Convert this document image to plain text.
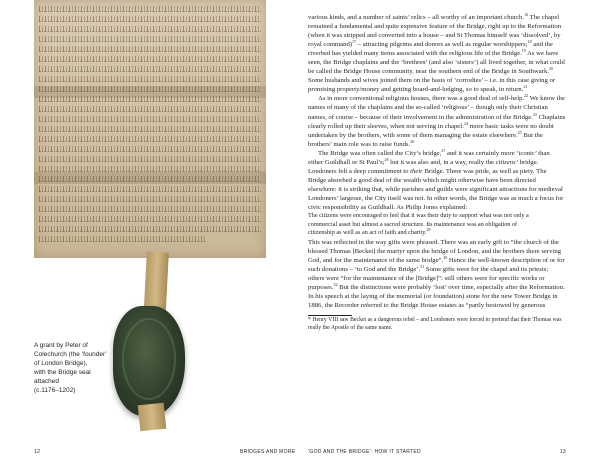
A grant by Peter of
Colechurch (the ‘founder’
of London Bridge),
with the Bridge seal attached
(c.1176–1202)
12	BRIDGES AND MORE

various kinds, and a number of saints’ relics – all worthy of an important church.$^{16}$ The chapel remained a fundamental and quite expensive feature of the Bridge, right up to the Reformation (when it was stripped and converted into a house – and St Thomas himself was ‘dissolved’, by royal command)$^{17}$ – attracting pilgrims and donors as well as regular worshippers;$^{18}$ and the riverbed has yielded many items associated with the religious life of the Bridge.$^{19}$ As we have seen, the Bridge chaplains and the ‘brethren’ (and also ‘sisters’) all lived together, in what could be called the Bridge House community, near the southern end of the Bridge in Southwark.$^{20}$ Some husbands and wives joined them on the basis of ‘corrodies’ – i.e. in this case giving or promising property/money and getting board-and-lodging, so to speak, in return.$^{21}$

As in more conventional religious houses, there was a good deal of self-help.$^{22}$ We know the names of many of the chaplains and the so-called ‘religious’ – though only their Christian names, of course – because of their involvement in the administration of the Bridge.$^{23}$ Chaplains clearly rolled up their sleeves, when not serving in chapel:$^{24}$ more basic tasks were no doubt undertaken by the brothers, with some of them managing the estate elsewhere.$^{25}$ But the brothers’ main role was to raise funds.$^{26}$

The Bridge was often called the City’s bridge,$^{27}$ and it was certainly more ‘iconic’ than either Guildhall or St Paul’s;$^{28}$ but it was also and, in a way, really the citizens’ bridge. Londoners felt a deep commitment to their Bridge. There was pride, as well as piety. The Bridge absorbed a good deal of the wealth which might otherwise have been directed elsewhere: it is striking that, while parishes and guilds were significant attractions for medieval Londoners’ largesse, the City itself was not. In other words, the Bridge was as much a focus for civic responsibility as Guildhall. As Philip Jones explained:

The citizens were encouraged to feel that it was their duty to support what was not only a commercial asset but almost a sacred structure. Its maintenance was an obligation of citizenship as well as an act of faith and charity.$^{29}$

This was reflected in the way gifts were phrased. There was an early gift to “the church of the blessed Thomas [Becket] the martyr upon the bridge of London, and the brothers there serving God, and for the maintenance of the same bridge”.$^{30}$ Hence the well-known description of or for such donations – ‘to God and the Bridge’.$^{31}$ Some gifts were for the chapel and its priests; others were “for the maintenance of the [Bridge]”: still others were for specific works or purposes.$^{32}$ But the distinctions were probably ‘lost’ over time, especially after the Reformation. In his speech at the laying of the memorial (or foundation) stone for the new Tower Bridge in 1886, the Recorder referred to the Bridge House estates as “partly bestowed by generous

* Henry VIII saw Becket as a dangerous rebel – and Londoners were forced to pretend that their Thomas was really the Apostle of the same name.

‘GOD AND THE BRIDGE’: HOW IT STARTED	13
